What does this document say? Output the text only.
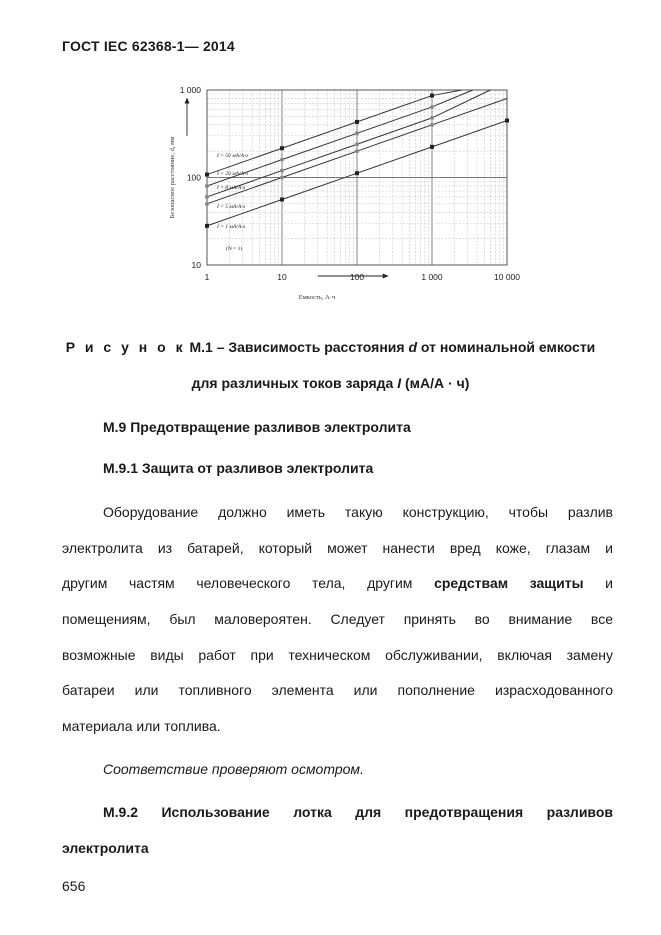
ГОСТ IEC 62368-1— 2014
1	10	100	1 000	10 000
10
100
1 000
Емкость, А·ч
Безопасное расстояние, d, мм	I = 50 мА/А·ч
I = 20 мА/А·ч
I = 8 мА/А·ч
I = 5 мА/А·ч
I = 1 мА/А·ч
(N = 1)
Р и с у н о к М.1 – Зависимость расстояния d от номинальной емкости
для различных токов заряда I (мА/А · ч)
М.9 Предотвращение разливов электролита
М.9.1 Защита от разливов электролита
Оборудование должно иметь такую конструкцию, чтобы разлив
электролита из батарей, который может нанести вред коже, глазам и
другим частям человеческого тела, другим средствам защиты и
помещениям, был маловероятен. Следует принять во внимание все
возможные виды работ при техническом обслуживании, включая замену
батареи или топливного элемента или пополнение израсходованного
материала или топлива.
Соответствие проверяют осмотром.
М.9.2 Использование лотка для предотвращения разливов
электролита
656
